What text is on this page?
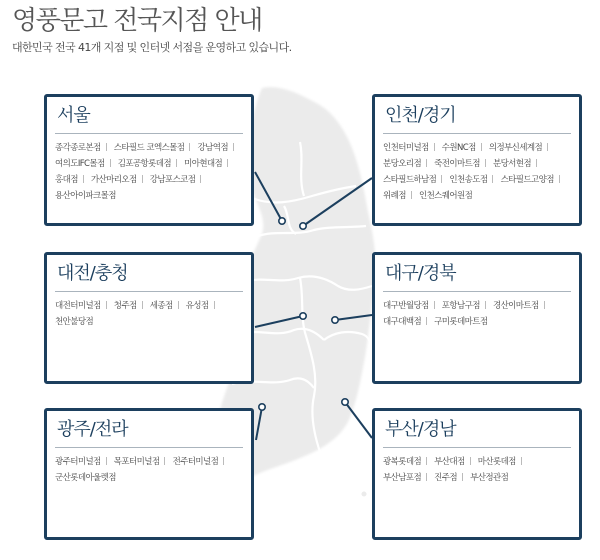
영풍문고 전국지점 안내
대한민국 전국 41개 지점 및 인터넷 서점을 운영하고 있습니다.
서울
종각종로본점 스타필드 코엑스몰점 강남역점 여의도IFC몰점 김포공항롯데점 미아현대점 홍대점 가산마리오점 강남포스코점 용산아이파크몰점
인천/경기
인천터미널점 수원NC점 의정부신세계점 분당오리점 죽전이마트점 분당서현점 스타필드하남점 인천송도점 스타필드고양점 위례점 인천스퀘어원점
대전/충청
대전터미널점 청주점 세종점 유성점 천안불당점
대구/경북
대구반월당점 포항남구점 경산이마트점 대구대백점 구미롯데마트점
광주/전라
광주터미널점 목포터미널점 전주터미널점 군산롯데아울렛점
부산/경남
광복롯데점 부산대점 마산롯데점 부산남포점 진주점 부산정관점
